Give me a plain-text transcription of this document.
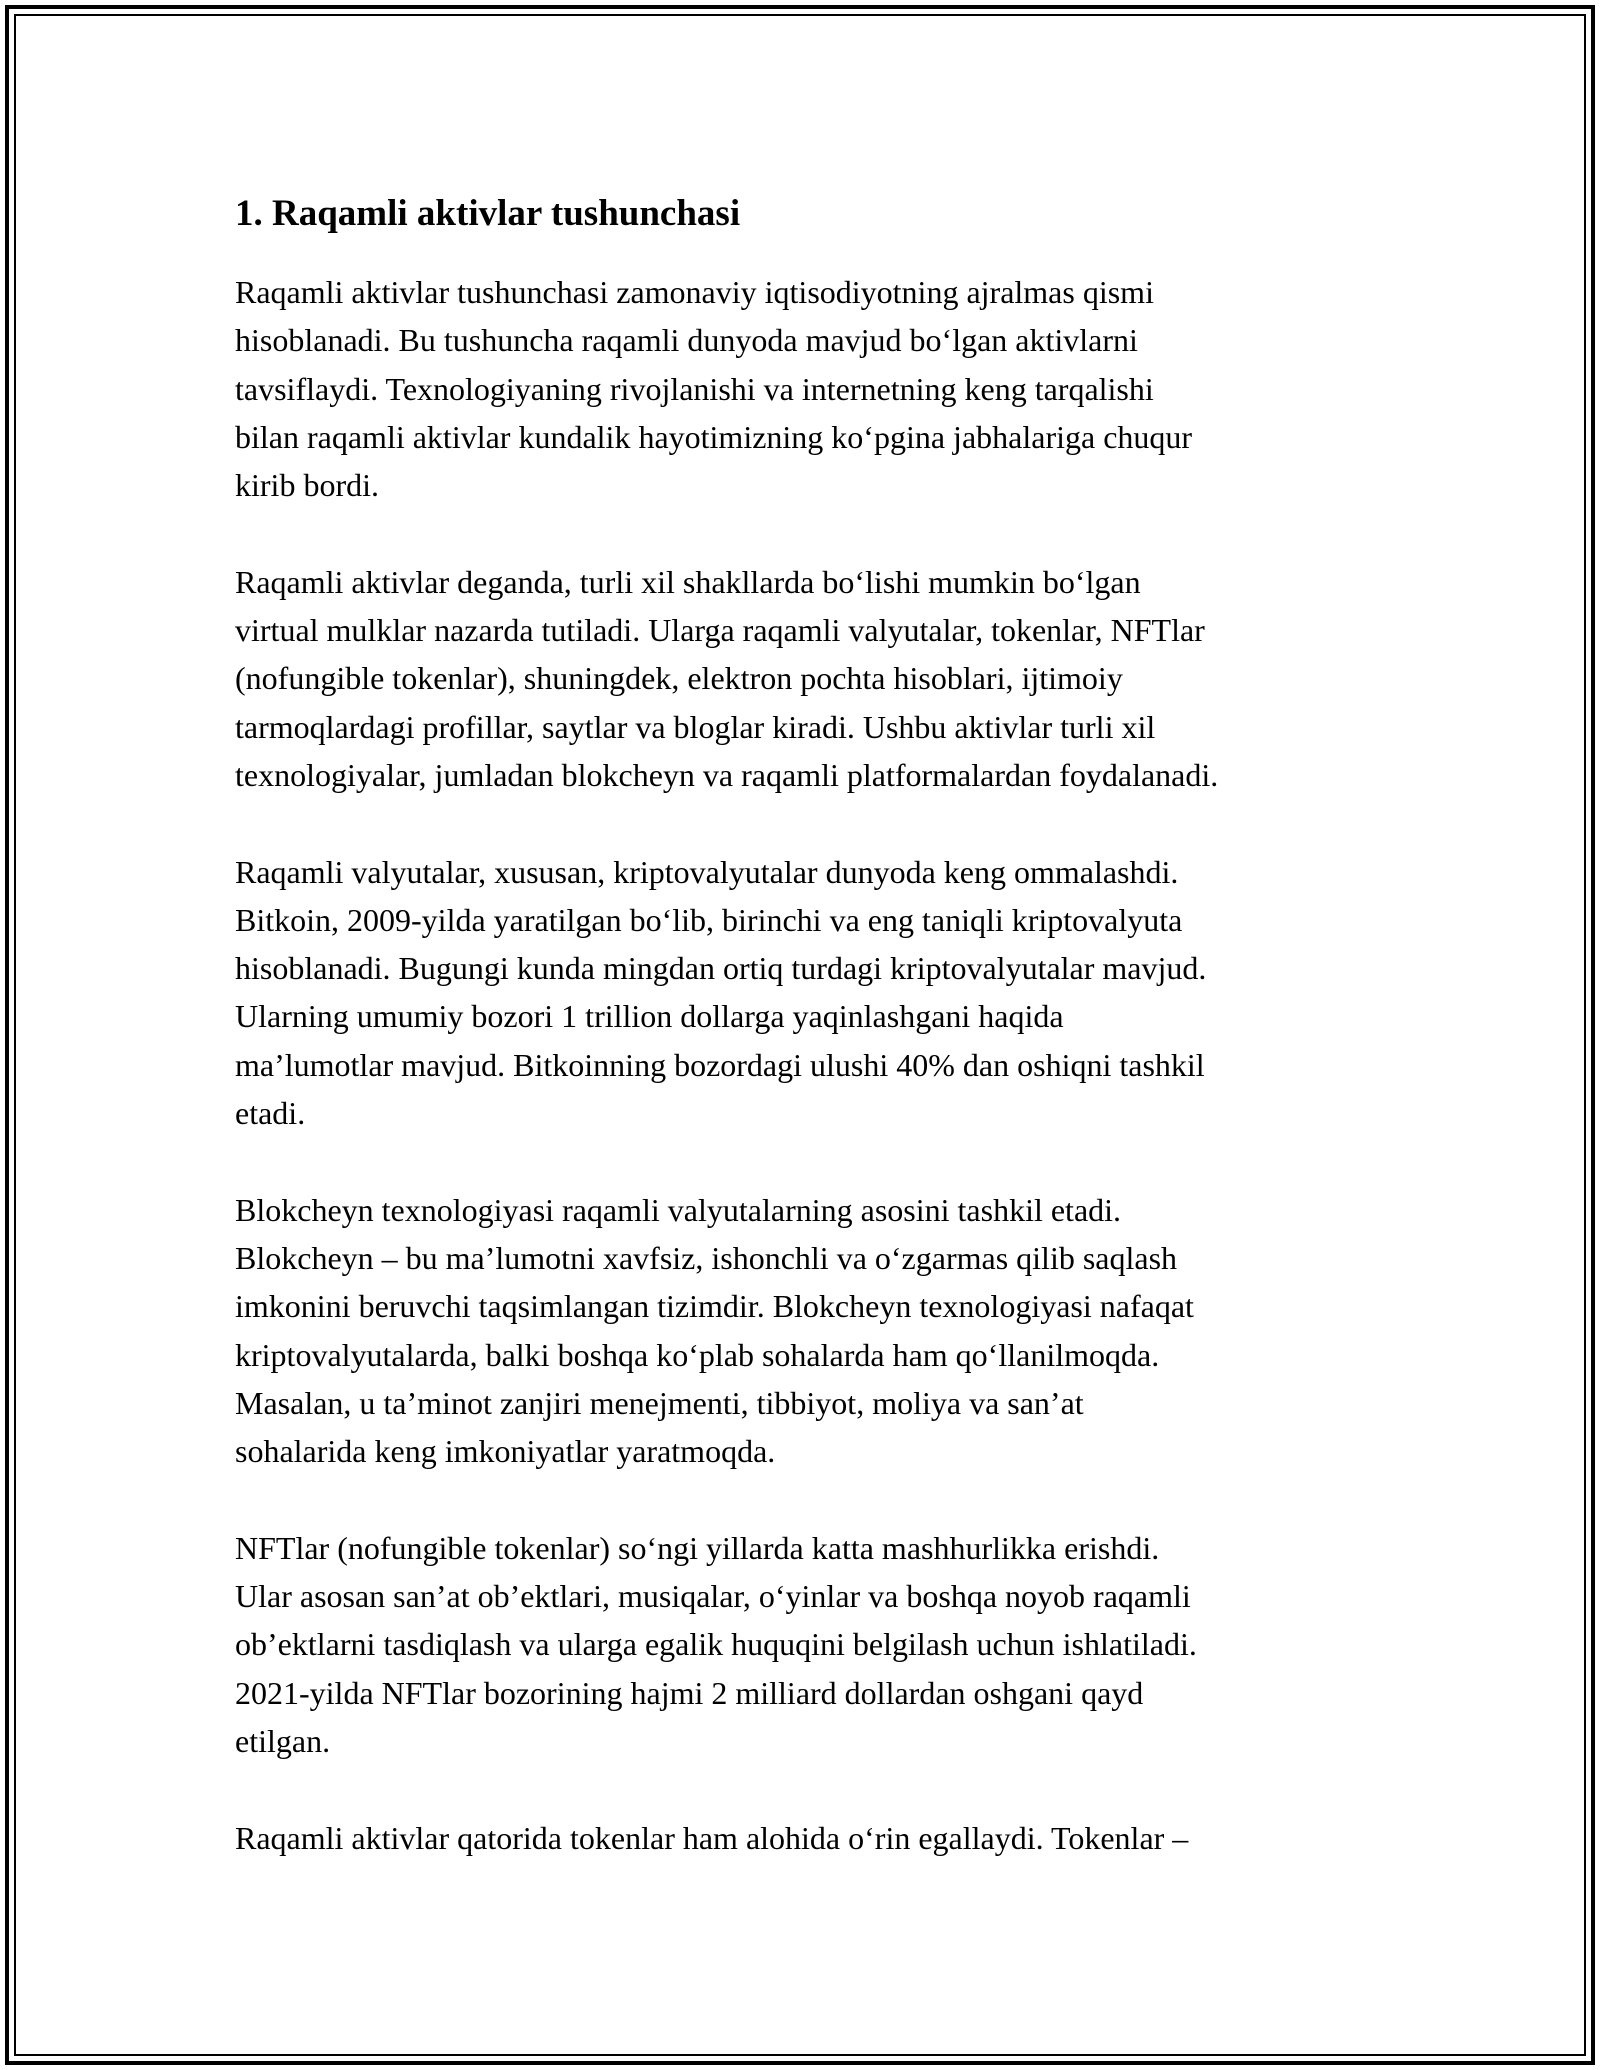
1. Raqamli aktivlar tushunchasi
Raqamli aktivlar tushunchasi zamonaviy iqtisodiyotning ajralmas qismi
hisoblanadi. Bu tushuncha raqamli dunyoda mavjud bo‘lgan aktivlarni
tavsiflaydi. Texnologiyaning rivojlanishi va internetning keng tarqalishi
bilan raqamli aktivlar kundalik hayotimizning ko‘pgina jabhalariga chuqur
kirib bordi.
Raqamli aktivlar deganda, turli xil shakllarda bo‘lishi mumkin bo‘lgan
virtual mulklar nazarda tutiladi. Ularga raqamli valyutalar, tokenlar, NFTlar
(nofungible tokenlar), shuningdek, elektron pochta hisoblari, ijtimoiy
tarmoqlardagi profillar, saytlar va bloglar kiradi. Ushbu aktivlar turli xil
texnologiyalar, jumladan blokcheyn va raqamli platformalardan foydalanadi.
Raqamli valyutalar, xususan, kriptovalyutalar dunyoda keng ommalashdi.
Bitkoin, 2009-yilda yaratilgan bo‘lib, birinchi va eng taniqli kriptovalyuta
hisoblanadi. Bugungi kunda mingdan ortiq turdagi kriptovalyutalar mavjud.
Ularning umumiy bozori 1 trillion dollarga yaqinlashgani haqida
ma’lumotlar mavjud. Bitkoinning bozordagi ulushi 40% dan oshiqni tashkil
etadi.
Blokcheyn texnologiyasi raqamli valyutalarning asosini tashkil etadi.
Blokcheyn – bu ma’lumotni xavfsiz, ishonchli va o‘zgarmas qilib saqlash
imkonini beruvchi taqsimlangan tizimdir. Blokcheyn texnologiyasi nafaqat
kriptovalyutalarda, balki boshqa ko‘plab sohalarda ham qo‘llanilmoqda.
Masalan, u ta’minot zanjiri menejmenti, tibbiyot, moliya va san’at
sohalarida keng imkoniyatlar yaratmoqda.
NFTlar (nofungible tokenlar) so‘ngi yillarda katta mashhurlikka erishdi.
Ular asosan san’at ob’ektlari, musiqalar, o‘yinlar va boshqa noyob raqamli
ob’ektlarni tasdiqlash va ularga egalik huquqini belgilash uchun ishlatiladi.
2021-yilda NFTlar bozorining hajmi 2 milliard dollardan oshgani qayd
etilgan.
Raqamli aktivlar qatorida tokenlar ham alohida o‘rin egallaydi. Tokenlar –
